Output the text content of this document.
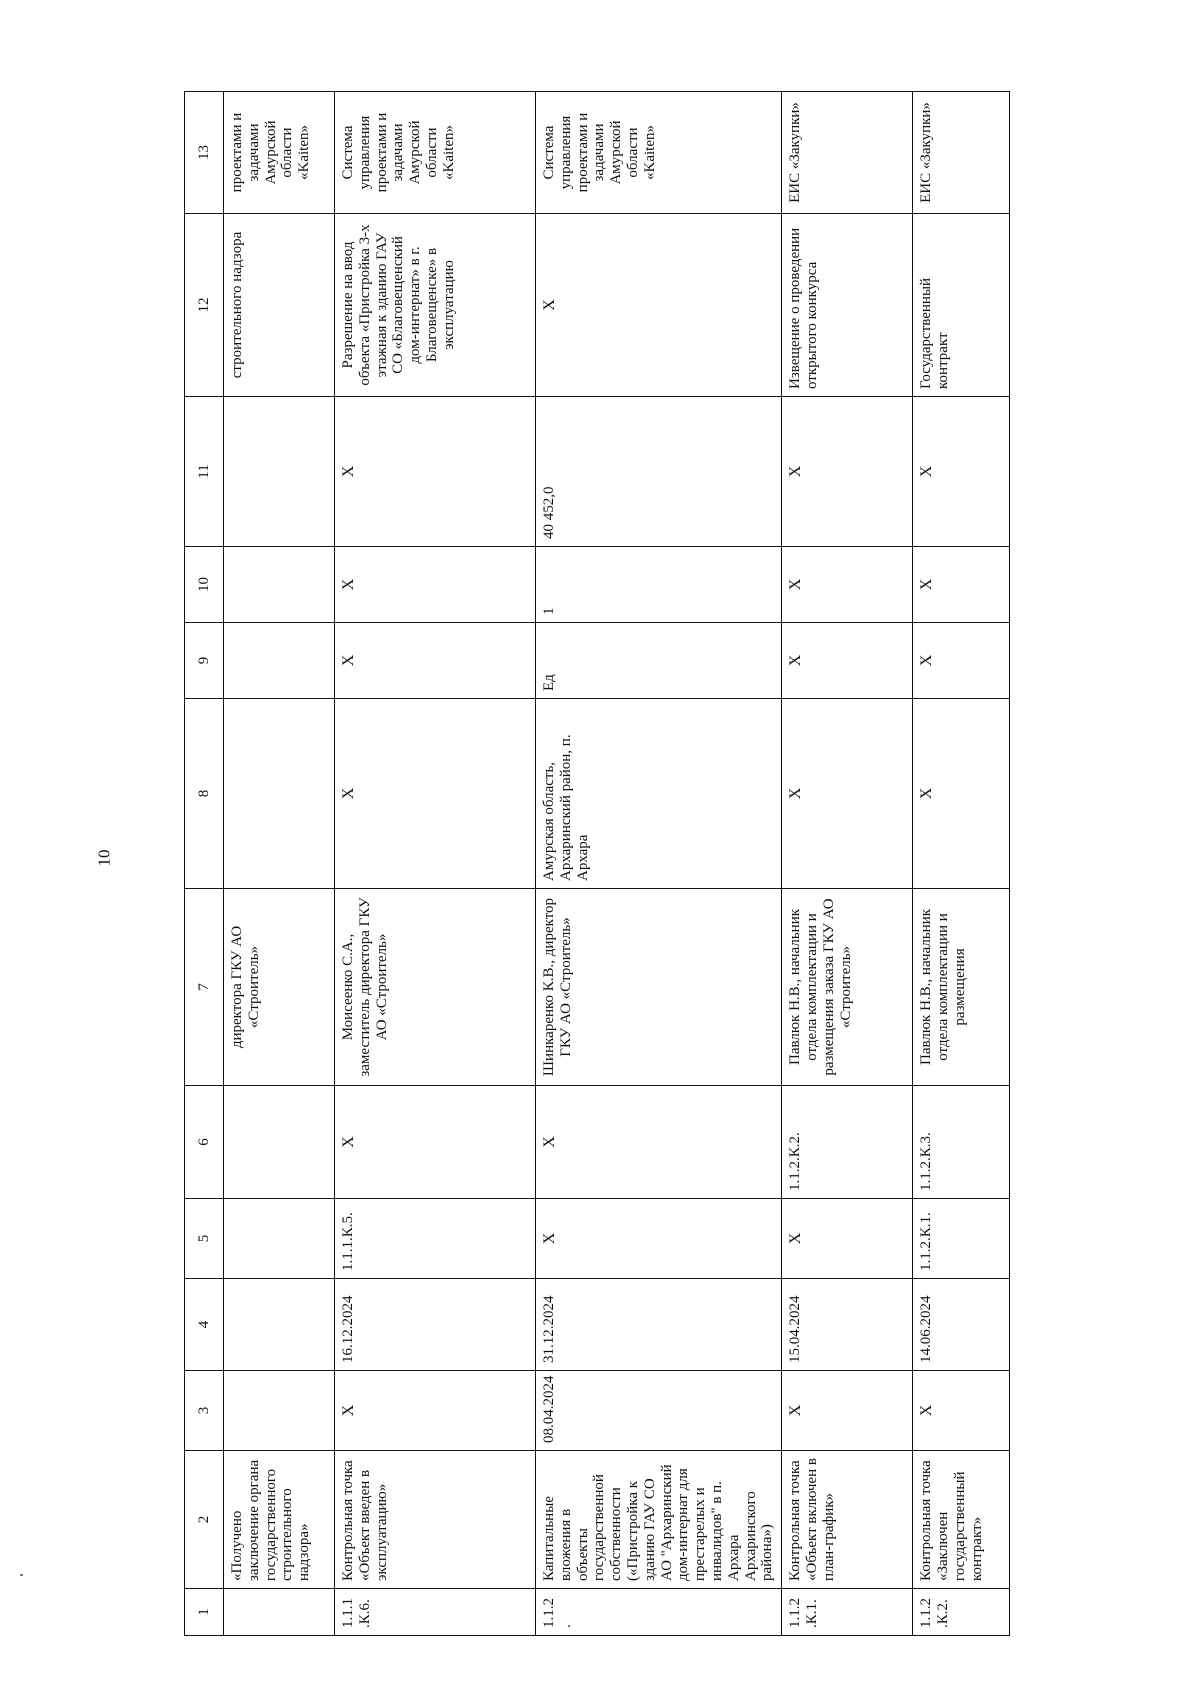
10
1	2	3	4	5	6	7	8	9	10	11	12	13
	«Получено заключение органа государственного строительного надзора»					директора ГКУ АО «Строитель»					строительного надзора	проектами и задачами Амурской области «Kaiten»
1.1.1.К.6.	Контрольная точка «Объект введен в эксплуатацию»	X	16.12.2024	1.1.1.К.5.	X	Моисеенко С.А., заместитель директора ГКУ АО «Строитель»	X	X	X	X	Разрешение на ввод объекта «Пристройка 3-х этажная к зданию ГАУ СО «Благовещенский дом-интернат» в г. Благовещенске» в эксплуатацию	Система управления проектами и задачами Амурской области «Kaiten»
1.1.2.	Капитальные вложения в объекты государственной собственности («Пристройка к зданию ГАУ СО АО "Архаринский дом-интернат для престарелых и инвалидов" в п. Архара Архаринского района»)	08.04.2024	31.12.2024	X	X	Шинкаренко К.В., директор ГКУ АО «Строитель»	Амурская область, Архаринский район, п. Архара	Ед	1	40 452,0	X	Система управления проектами и задачами Амурской области «Kaiten»
1.1.2.К.1.	Контрольная точка «Объект включен в план-график»	X	15.04.2024	X	1.1.2.К.2.	Павлюк Н.В., начальник отдела комплектации и размещения заказа ГКУ АО «Строитель»	X	X	X	X	Извещение о проведении открытого конкурса	ЕИС «Закупки»
1.1.2.К.2.	Контрольная точка «Заключен государственный контракт»	X	14.06.2024	1.1.2.К.1.	1.1.2.К.3.	Павлюк Н.В., начальник отдела комплектации и размещения	X	X	X	X	Государственный контракт	ЕИС «Закупки»
